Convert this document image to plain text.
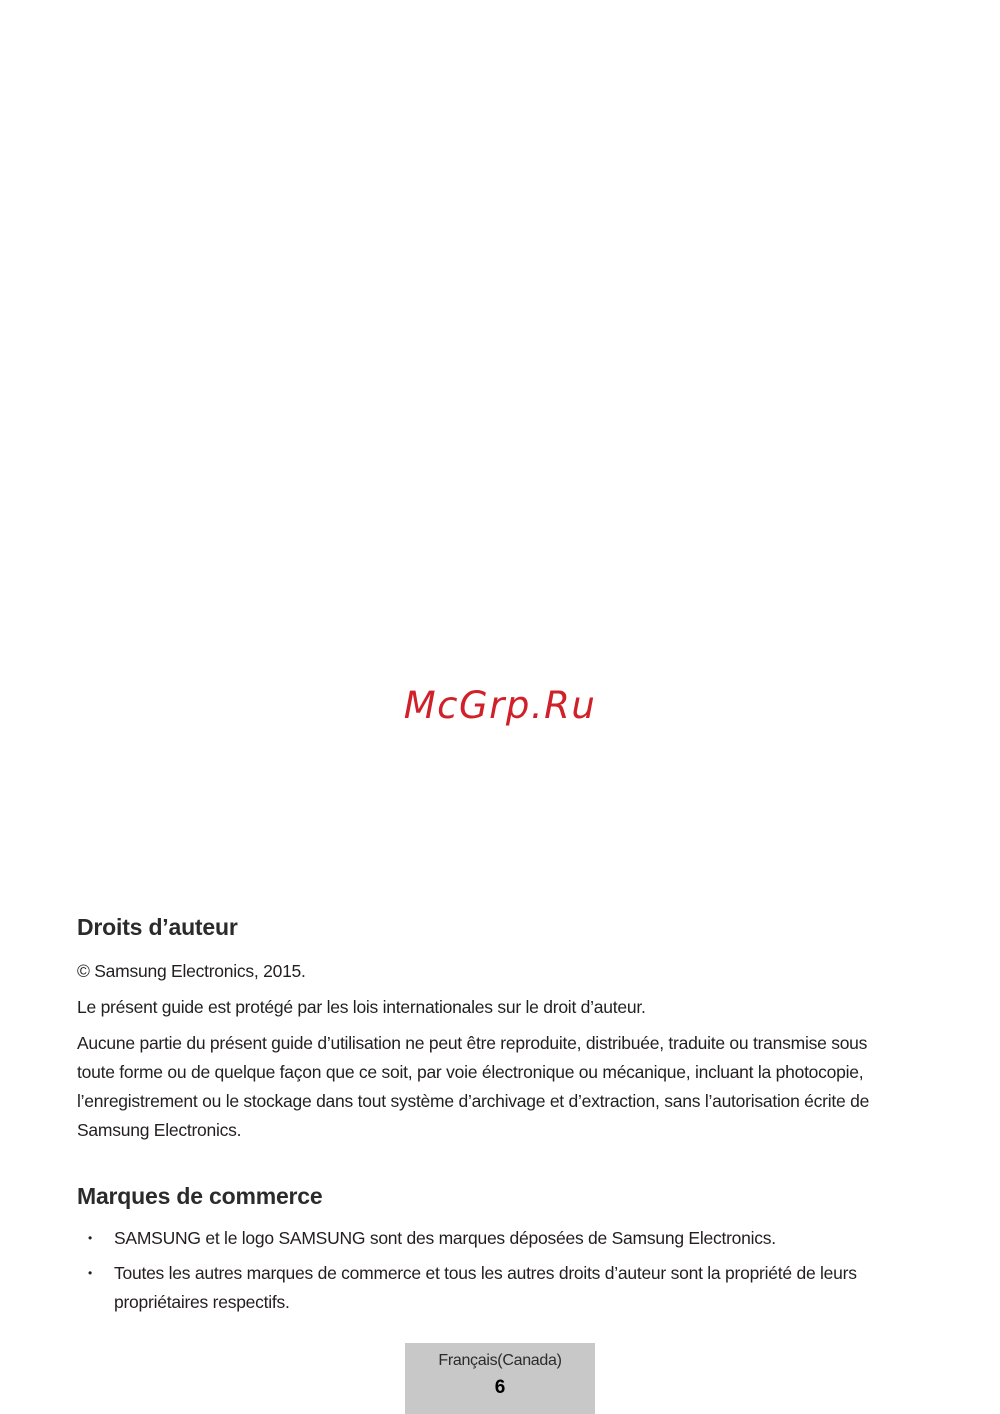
McGrp.Ru
Droits d’auteur

© Samsung Electronics, 2015.

Le présent guide est protégé par les lois internationales sur le droit d’auteur.

Aucune partie du présent guide d’utilisation ne peut être reproduite, distribuée, traduite ou transmise sous toute forme ou de quelque façon que ce soit, par voie électronique ou mécanique, incluant la photocopie, l’enregistrement ou le stockage dans tout système d’archivage et d’extraction, sans l’autorisation écrite de Samsung Electronics.

Marques de commerce
• SAMSUNG et le logo SAMSUNG sont des marques déposées de Samsung Electronics.
• Toutes les autres marques de commerce et tous les autres droits d’auteur sont la propriété de leurs propriétaires respectifs.
Français(Canada)
6
